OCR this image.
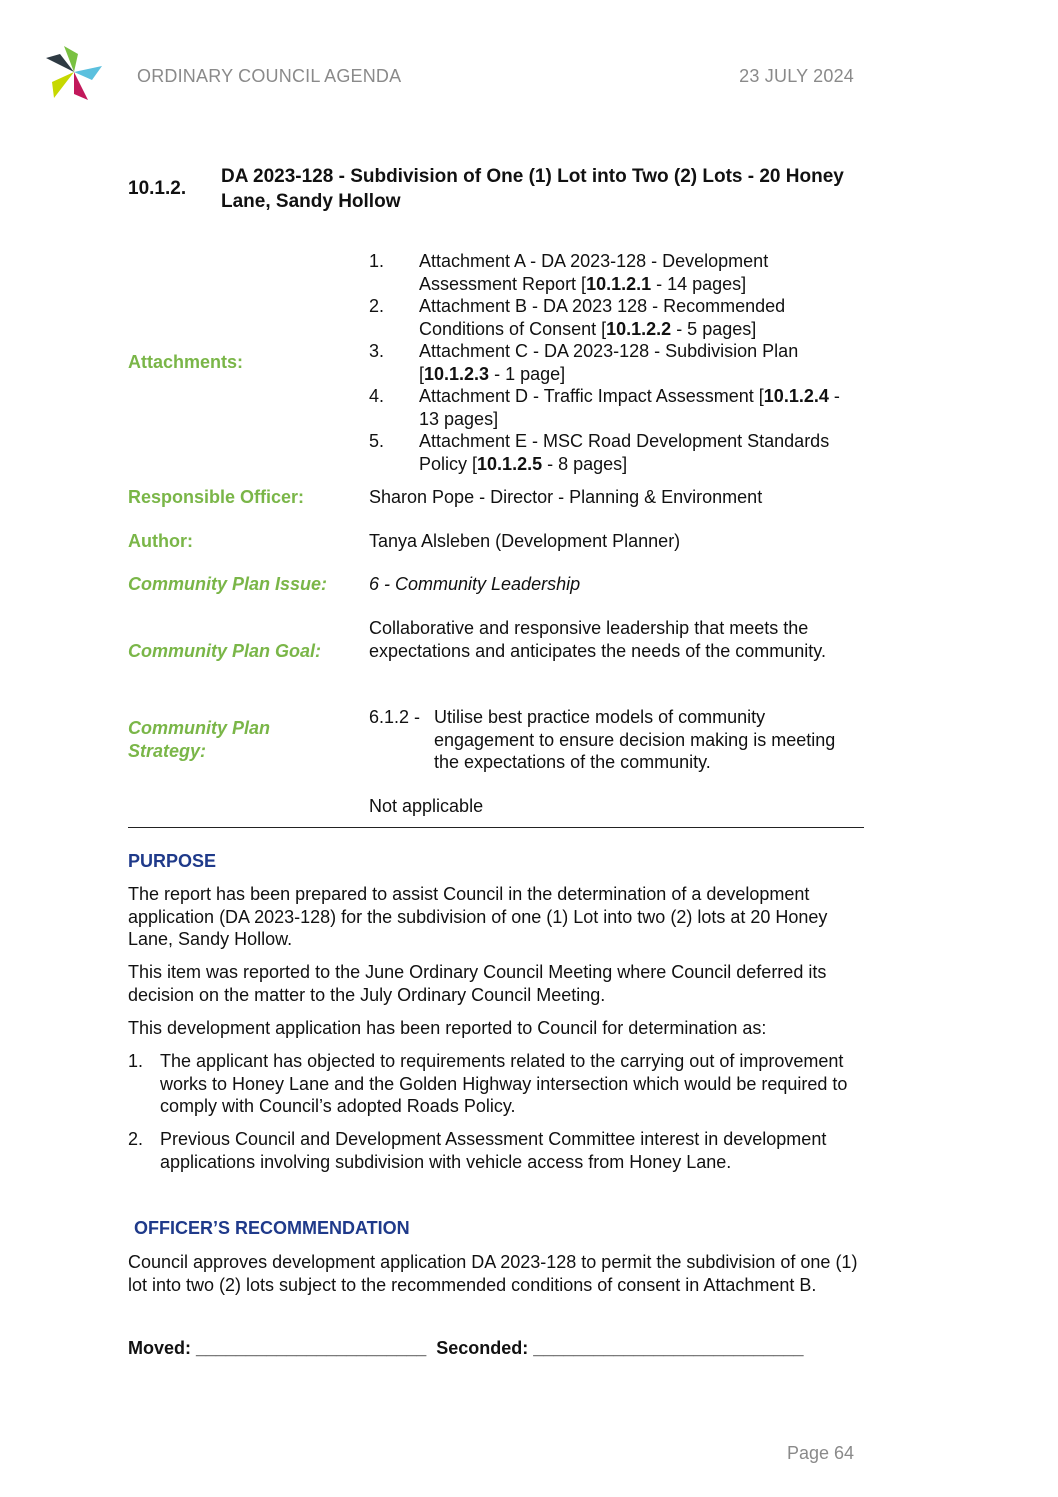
ORDINARY COUNCIL AGENDA	23 JULY 2024
10.1.2.
DA 2023-128 - Subdivision of One (1) Lot into Two (2) Lots - 20 Honey Lane, Sandy Hollow
Attachments:
1.	Attachment A - DA 2023-128 - Development Assessment Report [10.1.2.1 - 14 pages]
2.	Attachment B - DA 2023 128 - Recommended Conditions of Consent [10.1.2.2 - 5 pages]
3.	Attachment C - DA 2023-128 - Subdivision Plan [10.1.2.3 - 1 page]
4.	Attachment D - Traffic Impact Assessment [10.1.2.4 - 13 pages]
5.	Attachment E - MSC Road Development Standards Policy [10.1.2.5 - 8 pages]
Responsible Officer:	Sharon Pope - Director - Planning & Environment
Author:	Tanya Alsleben (Development Planner)
Community Plan Issue: 6 - Community Leadership
Community Plan Goal:
Collaborative and responsive leadership that meets the expectations and anticipates the needs of the community.
Community Plan Strategy:
6.1.2 - Utilise best practice models of community engagement to ensure decision making is meeting the expectations of the community.
Not applicable
PURPOSE
The report has been prepared to assist Council in the determination of a development application (DA 2023-128) for the subdivision of one (1) Lot into two (2) lots at 20 Honey Lane, Sandy Hollow.
This item was reported to the June Ordinary Council Meeting where Council deferred its decision on the matter to the July Ordinary Council Meeting.
This development application has been reported to Council for determination as:
1. The applicant has objected to requirements related to the carrying out of improvement works to Honey Lane and the Golden Highway intersection which would be required to comply with Council’s adopted Roads Policy.
2. Previous Council and Development Assessment Committee interest in development applications involving subdivision with vehicle access from Honey Lane.
OFFICER’S RECOMMENDATION
Council approves development application DA 2023-128 to permit the subdivision of one (1) lot into two (2) lots subject to the recommended conditions of consent in Attachment B.
Moved: _______________________  Seconded: ___________________________
Page 64
